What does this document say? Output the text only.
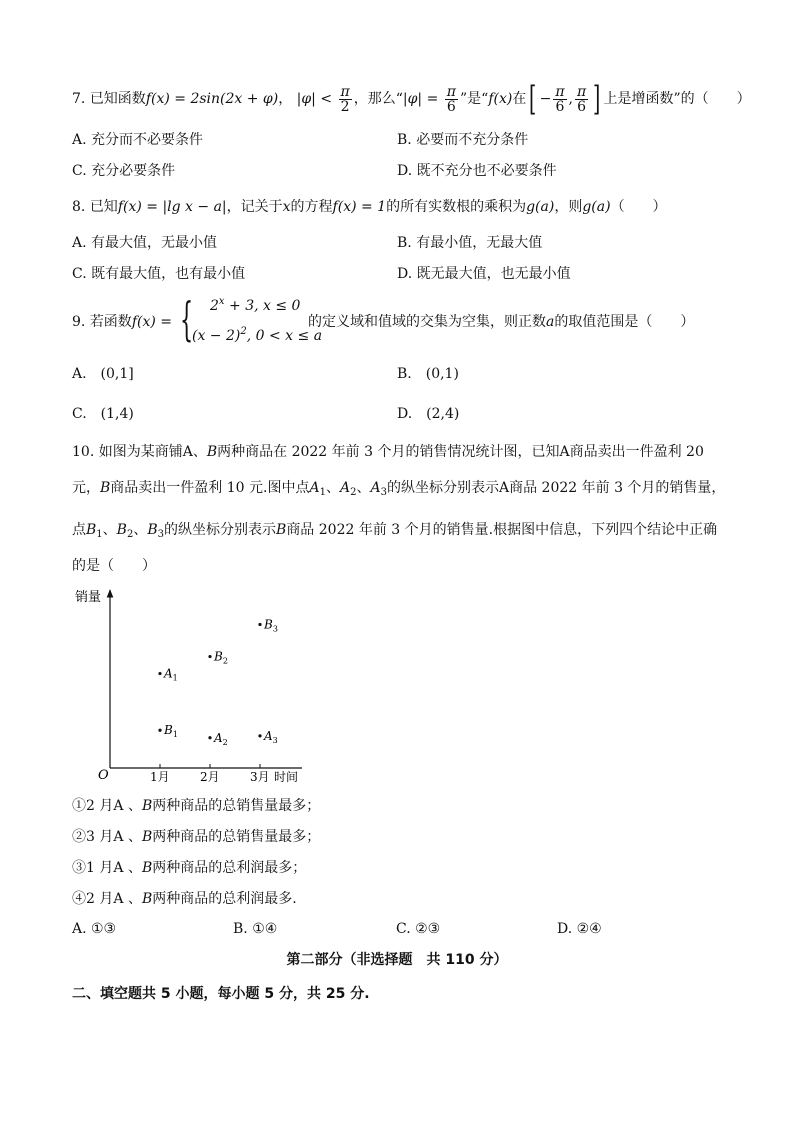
7. 已知函数f(x) = 2sin(2x + φ)， $|\varphi| < \frac{\pi}{2}$ ，那么“$|\varphi| = \frac{\pi}{6}$ ”是“f(x)在[ − $\frac{\pi}{6}$ , $\frac{\pi}{6}$ ] 上是增函数”的（　　）
A. 充分而不必要条件	B. 必要而不充分条件
C. 充分必要条件	D. 既不充分也不必要条件
8. 已知f(x) = |lg x − a|，记关于x的方程f(x) = 1的所有实数根的乘积为g(a)，则g(a)（　　）
A. 有最大值，无最小值	B. 有最小值，无最大值
C. 既有最大值，也有最小值	D. 既无最大值，也无最小值
9. 若函数f(x) = { $2^x + 3$, x ≤ 0
$(x - 2)^2$, 0 < x ≤ a
的定义域和值域的交集为空集，则正数a的取值范围是（　　）
A.　(0,1]	B.　(0,1)
C.　(1,4)	D.　(2,4)
10. 如图为某商铺A、B两种商品在 2022 年前 3 个月的销售情况统计图，已知A商品卖出一件盈利 20
元，B商品卖出一件盈利 10 元.图中点$A_1$、$A_2$、$A_3$的纵坐标分别表示A商品 2022 年前 3 个月的销售量，
点$B_1$、$B_2$、$B_3$的纵坐标分别表示B商品 2022 年前 3 个月的销售量.根据图中信息，下列四个结论中正确
的是（　　）
销量
O	时间
1月	2月	3月
$A_1$
$A_2$	$A_3$
$B_1$
$B_2$
$B_3$
①2 月A 、B两种商品的总销售量最多；
②3 月A 、B两种商品的总销售量最多；
③1 月A 、B两种商品的总利润最多；
④2 月A 、B两种商品的总利润最多.
A. ①③	B. ①④	C. ②③	D. ②④
第二部分（非选择题　共 110 分）
二、填空题共 5 小题，每小题 5 分，共 25 分.
